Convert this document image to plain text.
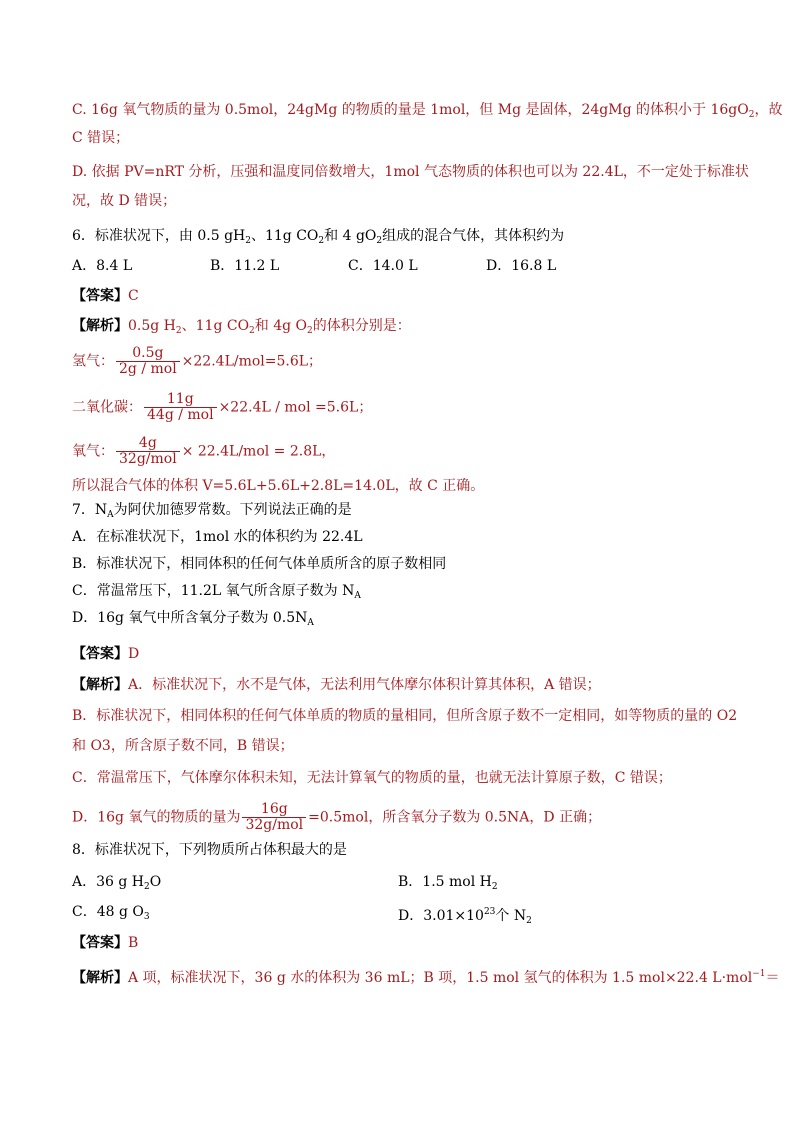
C. 16g 氧气物质的量为 0.5mol，24gMg 的物质的量是 1mol，但 Mg 是固体，24gMg 的体积小于 $16gO_2$，故
C 错误；
D. 依据 PV=nRT 分析，压强和温度同倍数增大，1mol 气态物质的体积也可以为 22.4L，不一定处于标准状
况，故 D 错误；
6．标准状况下，由 0.5 $gH_2$、11g $CO_2$和 4 $gO_2$组成的混合气体，其体积约为
A．8.4 L	B．11.2 L	C．14.0 L	D．16.8 L
【答案】C
【解析】0.5g $H_2$、11g $CO_2$和 4g $O_2$的体积分别是：
氢气： $\frac{0.5g}{\text{2g / mol}} \times 22.4L/mol=5.6L$；
二氧化碳： $\frac{11g}{\text{44g / mol}} \times 22.4L$ / mol =5.6L；
氧气： $\frac{4g}{\text{32g/mol}} \times 22.4L/mol = 2.8L$，
所以混合气体的体积 V=5.6L+5.6L+2.8L=14.0L，故 C 正确。
7．$N_A$为阿伏加德罗常数。下列说法正确的是
A．在标准状况下，1mol 水的体积约为 22.4L
B．标准状况下，相同体积的任何气体单质所含的原子数相同
C．常温常压下，11.2L 氧气所含原子数为 $N_A$
D．16g 氧气中所含氧分子数为 $0.5N_A$
【答案】D
【解析】A．标准状况下，水不是气体，无法利用气体摩尔体积计算其体积，A 错误；
B．标准状况下，相同体积的任何气体单质的物质的量相同，但所含原子数不一定相同，如等物质的量的 O2
和 O3，所含原子数不同，B 错误；
C．常温常压下，气体摩尔体积未知，无法计算氧气的物质的量，也就无法计算原子数，C 错误；
D．16g 氧气的物质的量为 $\frac{16g}{\text{32g/mol}} =0.5mol$，所含氧分子数为 0.5NA，D 正确；
8．标准状况下，下列物质所占体积最大的是
A．36 g $H_2O$	B．1.5 mol $H_2$
C．48 g $O_3$	D．$3.01\times 10^{23}$个 $N_2$
【答案】B
【解析】A 项，标准状况下，36 g 水的体积为 36 mL；B 项，1.5 mol 氢气的体积为 1.5 mol×22.4 L·mol$^{-1}$＝
